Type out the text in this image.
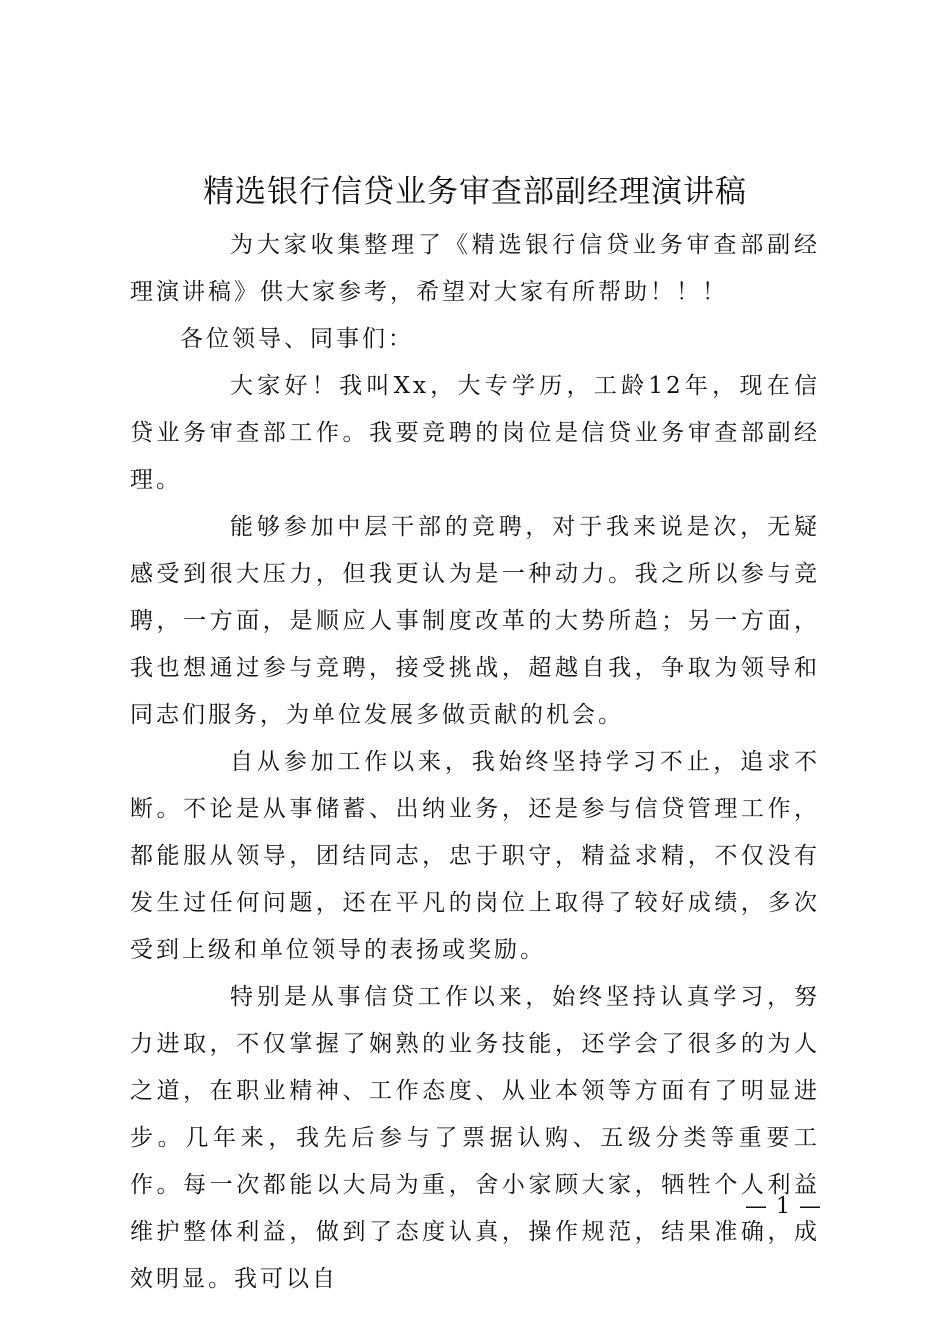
精选银行信贷业务审查部副经理演讲稿

为大家收集整理了《精选银行信贷业务审查部副经理演讲稿》供大家参考，希望对大家有所帮助！！！

各位领导、同事们：

大家好！我叫Xx，大专学历，工龄12年，现在信贷业务审查部工作。我要竞聘的岗位是信贷业务审查部副经理。

能够参加中层干部的竞聘，对于我来说是次，无疑感受到很大压力，但我更认为是一种动力。我之所以参与竞聘，一方面，是顺应人事制度改革的大势所趋；另一方面，我也想通过参与竞聘，接受挑战，超越自我，争取为领导和同志们服务，为单位发展多做贡献的机会。

自从参加工作以来，我始终坚持学习不止，追求不断。不论是从事储蓄、出纳业务，还是参与信贷管理工作，都能服从领导，团结同志，忠于职守，精益求精，不仅没有发生过任何问题，还在平凡的岗位上取得了较好成绩，多次受到上级和单位领导的表扬或奖励。

特别是从事信贷工作以来，始终坚持认真学习，努力进取，不仅掌握了娴熟的业务技能，还学会了很多的为人之道，在职业精神、工作态度、从业本领等方面有了明显进步。几年来，我先后参与了票据认购、五级分类等重要工作。每一次都能以大局为重，舍小家顾大家，牺牲个人利益维护整体利益，做到了态度认真，操作规范，结果准确，成效明显。我可以自

— 1 —
